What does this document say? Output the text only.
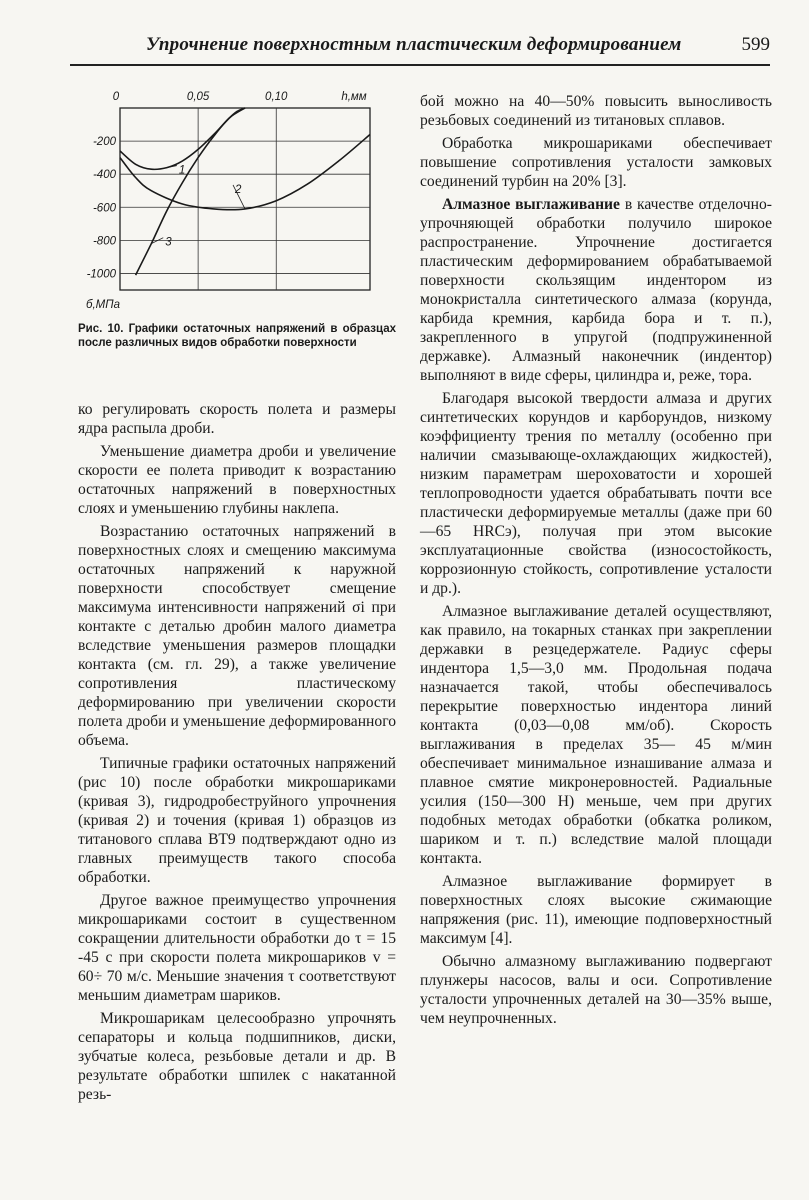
Упрочнение поверхностным пластическим деформированием	599
0	0,05	0,10	h,мм
-200
-400
-600
-800
-1000
б,МПа
1
2
3
Рис. 10. Графики остаточных напряжений в образцах после различных видов обработки поверхности

ко регулировать скорость полета и размеры ядра распыла дроби.

Уменьшение диаметра дроби и увеличение скорости ее полета приводит к возрастанию остаточных напряжений в поверхностных слоях и уменьшению глубины наклепа.

Возрастанию остаточных напряжений в поверхностных слоях и смещению максимума остаточных напряжений к наружной поверхности способствует смещение максимума интенсивности напряжений σi при контакте с деталью дробин малого диаметра вследствие уменьшения размеров площадки контакта (см. гл. 29), а также увеличение сопротивления пластическому деформированию при увеличении скорости полета дроби и уменьшение деформированного объема.

Типичные графики остаточных напряжений (рис 10) после обработки микрошариками (кривая 3), гидродробеструйного упрочнения (кривая 2) и точения (кривая 1) образцов из титанового сплава ВТ9 подтверждают одно из главных преимуществ такого способа обработки.

Другое важное преимущество упрочнения микрошариками состоит в существенном сокращении длительности обработки до τ = 15 -45 с при скорости полета микрошариков v = 60÷ 70 м/с. Меньшие значения τ соответствуют меньшим диаметрам шариков.

Микрошарикам целесообразно упрочнять сепараторы и кольца подшипников, диски, зубчатые колеса, резьбовые детали и др. В результате обработки шпилек с накатанной резь-

бой можно на 40—50% повысить выносливость резьбовых соединений из титановых сплавов.

Обработка микрошариками обеспечивает повышение сопротивления усталости замковых соединений турбин на 20% [3].

Алмазное выглаживание в качестве отделочно-упрочняющей обработки получило широкое распространение. Упрочнение достигается пластическим деформированием обрабатываемой поверхности скользящим индентором из монокристалла синтетического алмаза (корунда, карбида кремния, карбида бора и т. п.), закрепленного в упругой (подпружиненной державке). Алмазный наконечник (индентор) выполняют в виде сферы, цилиндра и, реже, тора.

Благодаря высокой твердости алмаза и других синтетических корундов и карборундов, низкому коэффициенту трения по металлу (особенно при наличии смазывающе-охлаждающих жидкостей), низким параметрам шероховатости и хорошей теплопроводности удается обрабатывать почти все пластически деформируемые металлы (даже при 60—65 HRCэ), получая при этом высокие эксплуатационные свойства (износостойкость, коррозионную стойкость, сопротивление усталости и др.).

Алмазное выглаживание деталей осуществляют, как правило, на токарных станках при закреплении державки в резцедержателе. Радиус сферы индентора 1,5—3,0 мм. Продольная подача назначается такой, чтобы обеспечивалось перекрытие поверхностью индентора линий контакта (0,03—0,08 мм/об). Скорость выглаживания в пределах 35— 45 м/мин обеспечивает минимальное изнашивание алмаза и плавное смятие микронеровностей. Радиальные усилия (150—300 Н) меньше, чем при других подобных методах обработки (обкатка роликом, шариком и т. п.) вследствие малой площади контакта.

Алмазное выглаживание формирует в поверхностных слоях высокие сжимающие напряжения (рис. 11), имеющие подповерхностный максимум [4].

Обычно алмазному выглаживанию подвергают плунжеры насосов, валы и оси. Сопротивление усталости упрочненных деталей на 30—35% выше, чем неупрочненных.
